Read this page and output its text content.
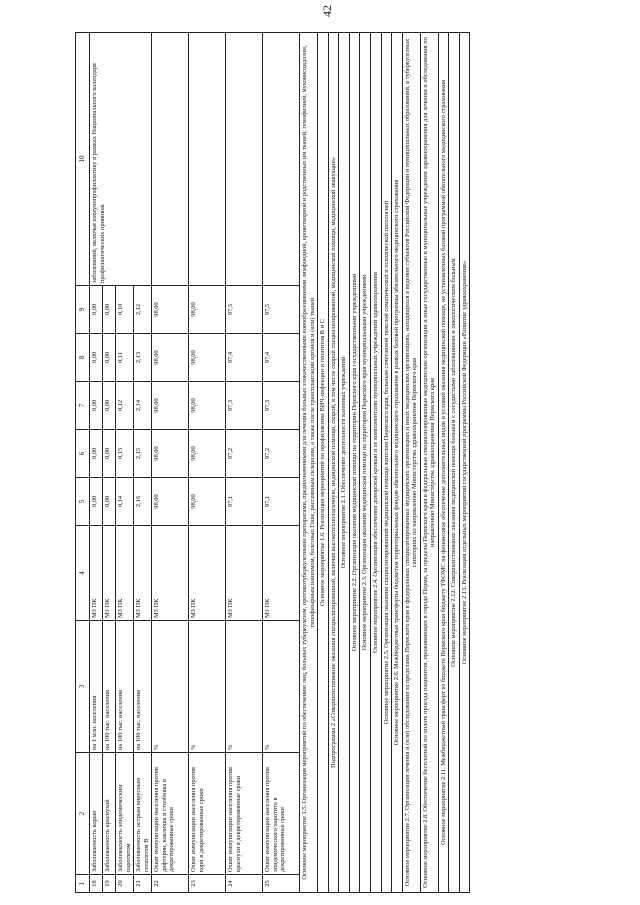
42
1	2	3	4	5	6	7	8	9	10
18	Заболеваемость корью	на 1 млн. населения	МЗ ПК	0,00	0,00	0,00	0,00	0,00	заболеваний, включая иммунопрофилактику в рамках Национального календаря профилактических прививок
19	Заболеваемость краснухой	на 100 тыс. населения	МЗ ПК	0,00	0,00	0,00	0,00	0,00	
20	Заболеваемость эпидемическим паротитом	на 100 тыс. населения	МЗ ПК	0,14	0,13	0,12	0,11	0,10	
21	Заболеваемость острым вирусным гепатитом В	на 100 тыс. населения	МЗ ПК	2,16	2,15	2,14	2,13	2,12	
22	Охват иммунизации населения против дифтерии, коклюша и столбняка в декретированные сроки	%	МЗ ПК	98,00	98,00	98,00	98,00	98,00	
23	Охват иммунизации населения против кори в декретированные сроки	%	МЗ ПК	98,00	98,00	98,00	98,00	98,00	
24	Охват иммунизации населения против краснухи в декретированные сроки	%	МЗ ПК	97,1	97,2	97,3	97,4	97,5	
25	Охват иммунизации населения против эпидемического паротита в декретированные сроки	%	МЗ ПК	97,1	97,2	97,3	97,4	97,5	
Основное мероприятие 1.5. Организация мероприятий по обеспечению лиц, больных туберкулезом, противотуберкулезными препаратами, предназначенными для лечения больных злокачественными новообразованиями лимфоидной, кроветворной и родственных им тканей, гемофилией, муковисцидозом, гипофизарным нанизмом, болезнью Гоше, рассеянным склерозом, а также после трансплантации органов и (или) тканей									
Основное мероприятие 1.6. Реализация мероприятий по профилактике ВИЧ-инфекции и гепатитов В и С									
Подпрограмма 2 «Совершенствование оказания специализированной, включая высокотехнологичную, медицинской помощи, скорой, в том числе скорой специализированной, медицинской помощи, медицинской эвакуации»									
Основное мероприятие 2.1. Обеспечение деятельности казенных учреждений									
Основное мероприятие 2.2. Организация оказания медицинской помощи на территории Пермского края государственными учреждениями									
Основное мероприятие 2.3. Организация оказания медицинской помощи на территории Пермского края муниципальными учреждениями									
Основное мероприятие 2.4. Организация обеспечения донорской кровью и ее компонентами муниципальных учреждений здравоохранения									
Основное мероприятие 2.5. Организация оказания специализированной медицинской помощи жителям Пермского края, больным сочетанной тяжелой соматической и психической патологией									
Основное мероприятие 2.6. Межбюджетные трансферты бюджетам территориальных фондов обязательного медицинского страхования в рамках базовой программы обязательного медицинского страхования									
Основное мероприятие 2.7. Организация лечения и (или) обследования за пределами Пермского края в федеральных специализированных медицинских организациях и иных медицинских организациях, находящихся в ведении субъектов Российской Федерации и муниципальных образований, в туберкулезных санаториях по направлению Министерства здравоохранения Пермского края									
Основное мероприятие 2.8. Обеспечение бесплатной по оплате проезда пациентов, проживающих в городе Перми, за пределы Пермского края в федеральные специализированные медицинские организации и иные государственные и муниципальные учреждения здравоохранения для лечения и обследования по направлению Министерства здравоохранения Пермского края									
Основное мероприятие 2.11. Межбюджетный трансферт из бюджета Пермского края бюджету ТФОМС на финансовое обеспечение дополнительных видов и условий оказания медицинской помощи, не установленных базовой программой обязательного медицинского страхования									
Основное мероприятие 2.12. Совершенствование оказания медицинской помощи больным с сосудистыми заболеваниями и онкологическим больным									
Основное мероприятие 2.13. Реализация отдельных мероприятий государственной программы Российской Федерации «Развитие здравоохранения»									
